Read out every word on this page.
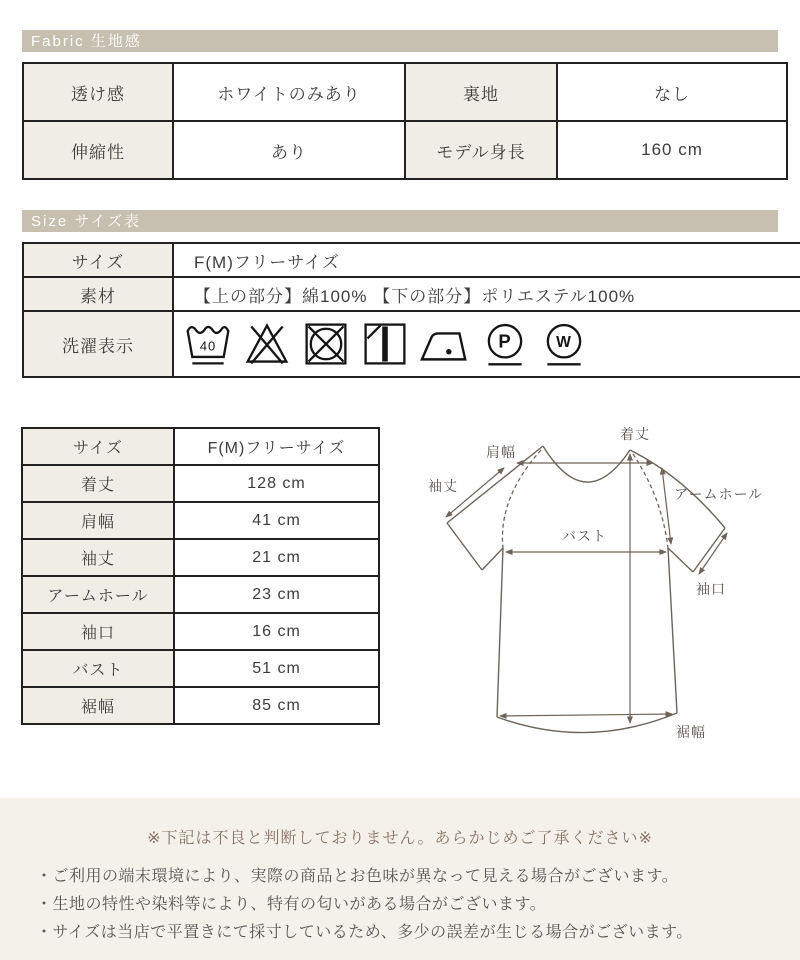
Fabric 生地感
透け感	ホワイトのみあり	裏地	なし
伸縮性	あり	モデル身長	160 cm
Size サイズ表
サイズ	F(M)フリーサイズ
素材	【上の部分】綿100% 【下の部分】ポリエステル100%
洗濯表示	40 P W
サイズ	F(M)フリーサイズ
着丈	128 cm
肩幅	41 cm
袖丈	21 cm
アームホール	23 cm
袖口	16 cm
バスト	51 cm
裾幅	85 cm
肩幅
着丈
袖丈	アームホール
バスト
袖口
裾幅
※下記は不良と判断しておりません。あらかじめご了承ください※
・ご利用の端末環境により、実際の商品とお色味が異なって見える場合がございます。
・生地の特性や染料等により、特有の匂いがある場合がございます。
・サイズは当店で平置きにて採寸しているため、多少の誤差が生じる場合がございます。
